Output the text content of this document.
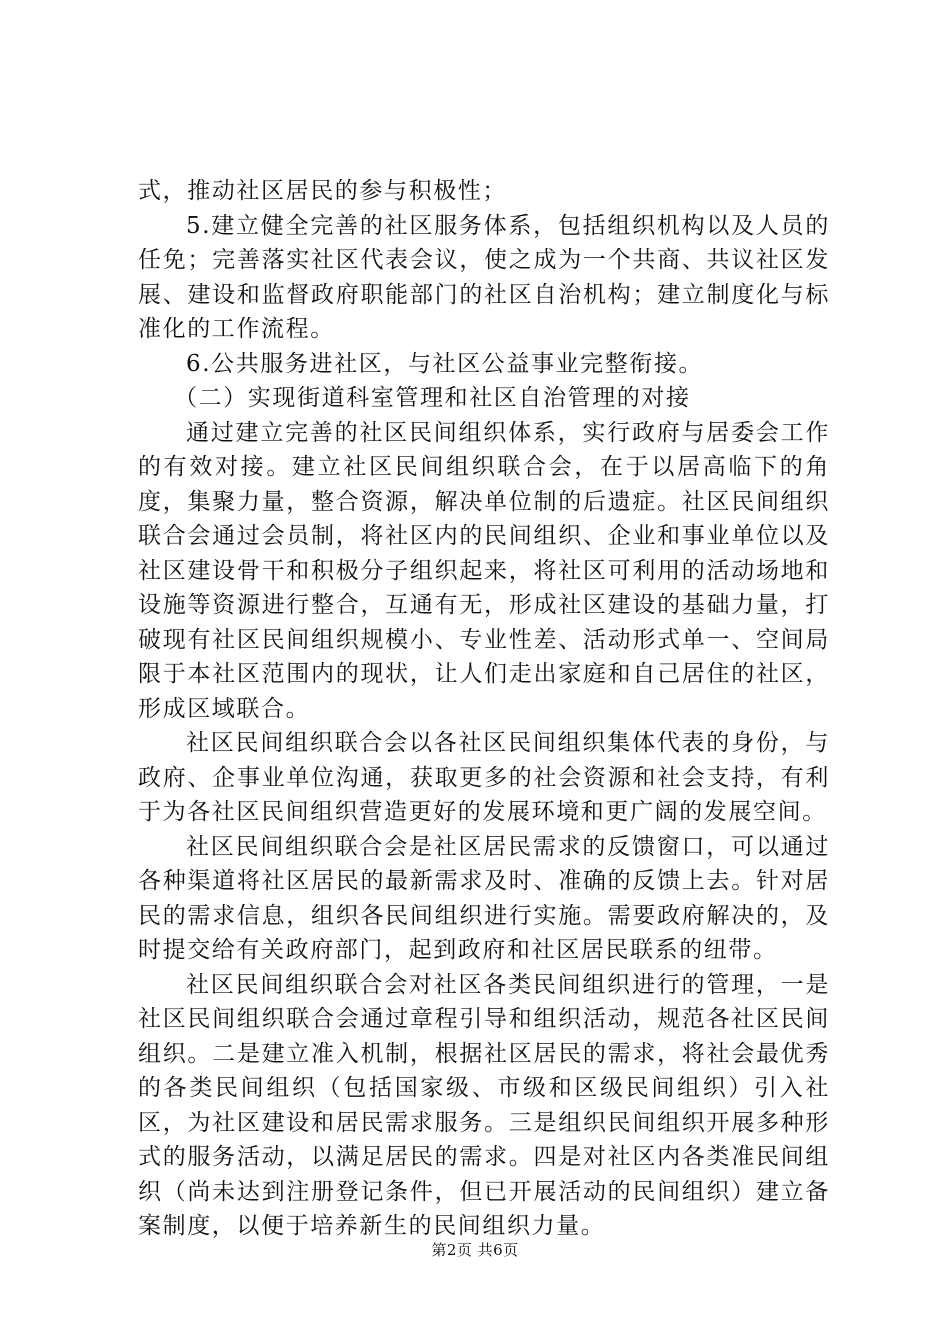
式，推动社区居民的参与积极性；

5.建立健全完善的社区服务体系，包括组织机构以及人员的任免；完善落实社区代表会议，使之成为一个共商、共议社区发展、建设和监督政府职能部门的社区自治机构；建立制度化与标准化的工作流程。

6.公共服务进社区，与社区公益事业完整衔接。

（二）实现街道科室管理和社区自治管理的对接

通过建立完善的社区民间组织体系，实行政府与居委会工作的有效对接。建立社区民间组织联合会，在于以居高临下的角度，集聚力量，整合资源，解决单位制的后遗症。社区民间组织联合会通过会员制，将社区内的民间组织、企业和事业单位以及社区建设骨干和积极分子组织起来，将社区可利用的活动场地和设施等资源进行整合，互通有无，形成社区建设的基础力量，打破现有社区民间组织规模小、专业性差、活动形式单一、空间局限于本社区范围内的现状，让人们走出家庭和自己居住的社区，形成区域联合。

社区民间组织联合会以各社区民间组织集体代表的身份，与政府、企事业单位沟通，获取更多的社会资源和社会支持，有利于为各社区民间组织营造更好的发展环境和更广阔的发展空间。

社区民间组织联合会是社区居民需求的反馈窗口，可以通过各种渠道将社区居民的最新需求及时、准确的反馈上去。针对居民的需求信息，组织各民间组织进行实施。需要政府解决的，及时提交给有关政府部门，起到政府和社区居民联系的纽带。

社区民间组织联合会对社区各类民间组织进行的管理，一是社区民间组织联合会通过章程引导和组织活动，规范各社区民间组织。二是建立准入机制，根据社区居民的需求，将社会最优秀的各类民间组织（包括国家级、市级和区级民间组织）引入社区，为社区建设和居民需求服务。三是组织民间组织开展多种形式的服务活动，以满足居民的需求。四是对社区内各类准民间组织（尚未达到注册登记条件，但已开展活动的民间组织）建立备案制度，以便于培养新生的民间组织力量。

第2页 共6页
